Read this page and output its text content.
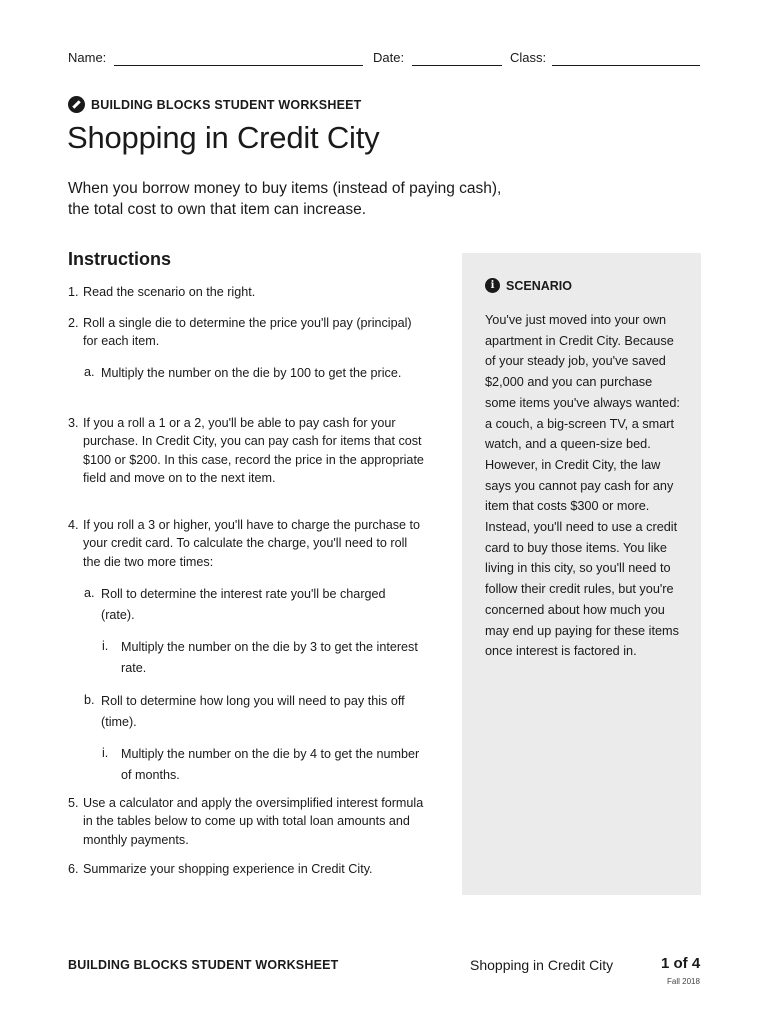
Name:	Date:	Class:
BUILDING BLOCKS STUDENT WORKSHEET
Shopping in Credit City

When you borrow money to buy items (instead of paying cash),
the total cost to own that item can increase.

Instructions
1. Read the scenario on the right.
2. Roll a single die to determine the price you'll pay (principal) for each item.
a. Multiply the number on the die by 100 to get the price.
3. If you a roll a 1 or a 2, you'll be able to pay cash for your purchase. In Credit City, you can pay cash for items that cost $100 or $200. In this case, record the price in the appropriate field and move on to the next item.
4. If you roll a 3 or higher, you'll have to charge the purchase to your credit card. To calculate the charge, you'll need to roll the die two more times:
a. Roll to determine the interest rate you'll be charged (rate).
i. Multiply the number on the die by 3 to get the interest rate.
b. Roll to determine how long you will need to pay this off (time).
i. Multiply the number on the die by 4 to get the number of months.
5. Use a calculator and apply the oversimplified interest formula in the tables below to come up with total loan amounts and monthly payments.
6. Summarize your shopping experience in Credit City.
i SCENARIO
You've just moved into your own apartment in Credit City. Because of your steady job, you've saved $2,000 and you can purchase some items you've always wanted: a couch, a big-screen TV, a smart watch, and a queen-size bed. However, in Credit City, the law says you cannot pay cash for any item that costs $300 or more. Instead, you'll need to use a credit card to buy those items. You like living in this city, so you'll need to follow their credit rules, but you're concerned about how much you may end up paying for these items once interest is factored in.
BUILDING BLOCKS STUDENT WORKSHEET	Shopping in Credit City	1 of 4
Fall 2018
